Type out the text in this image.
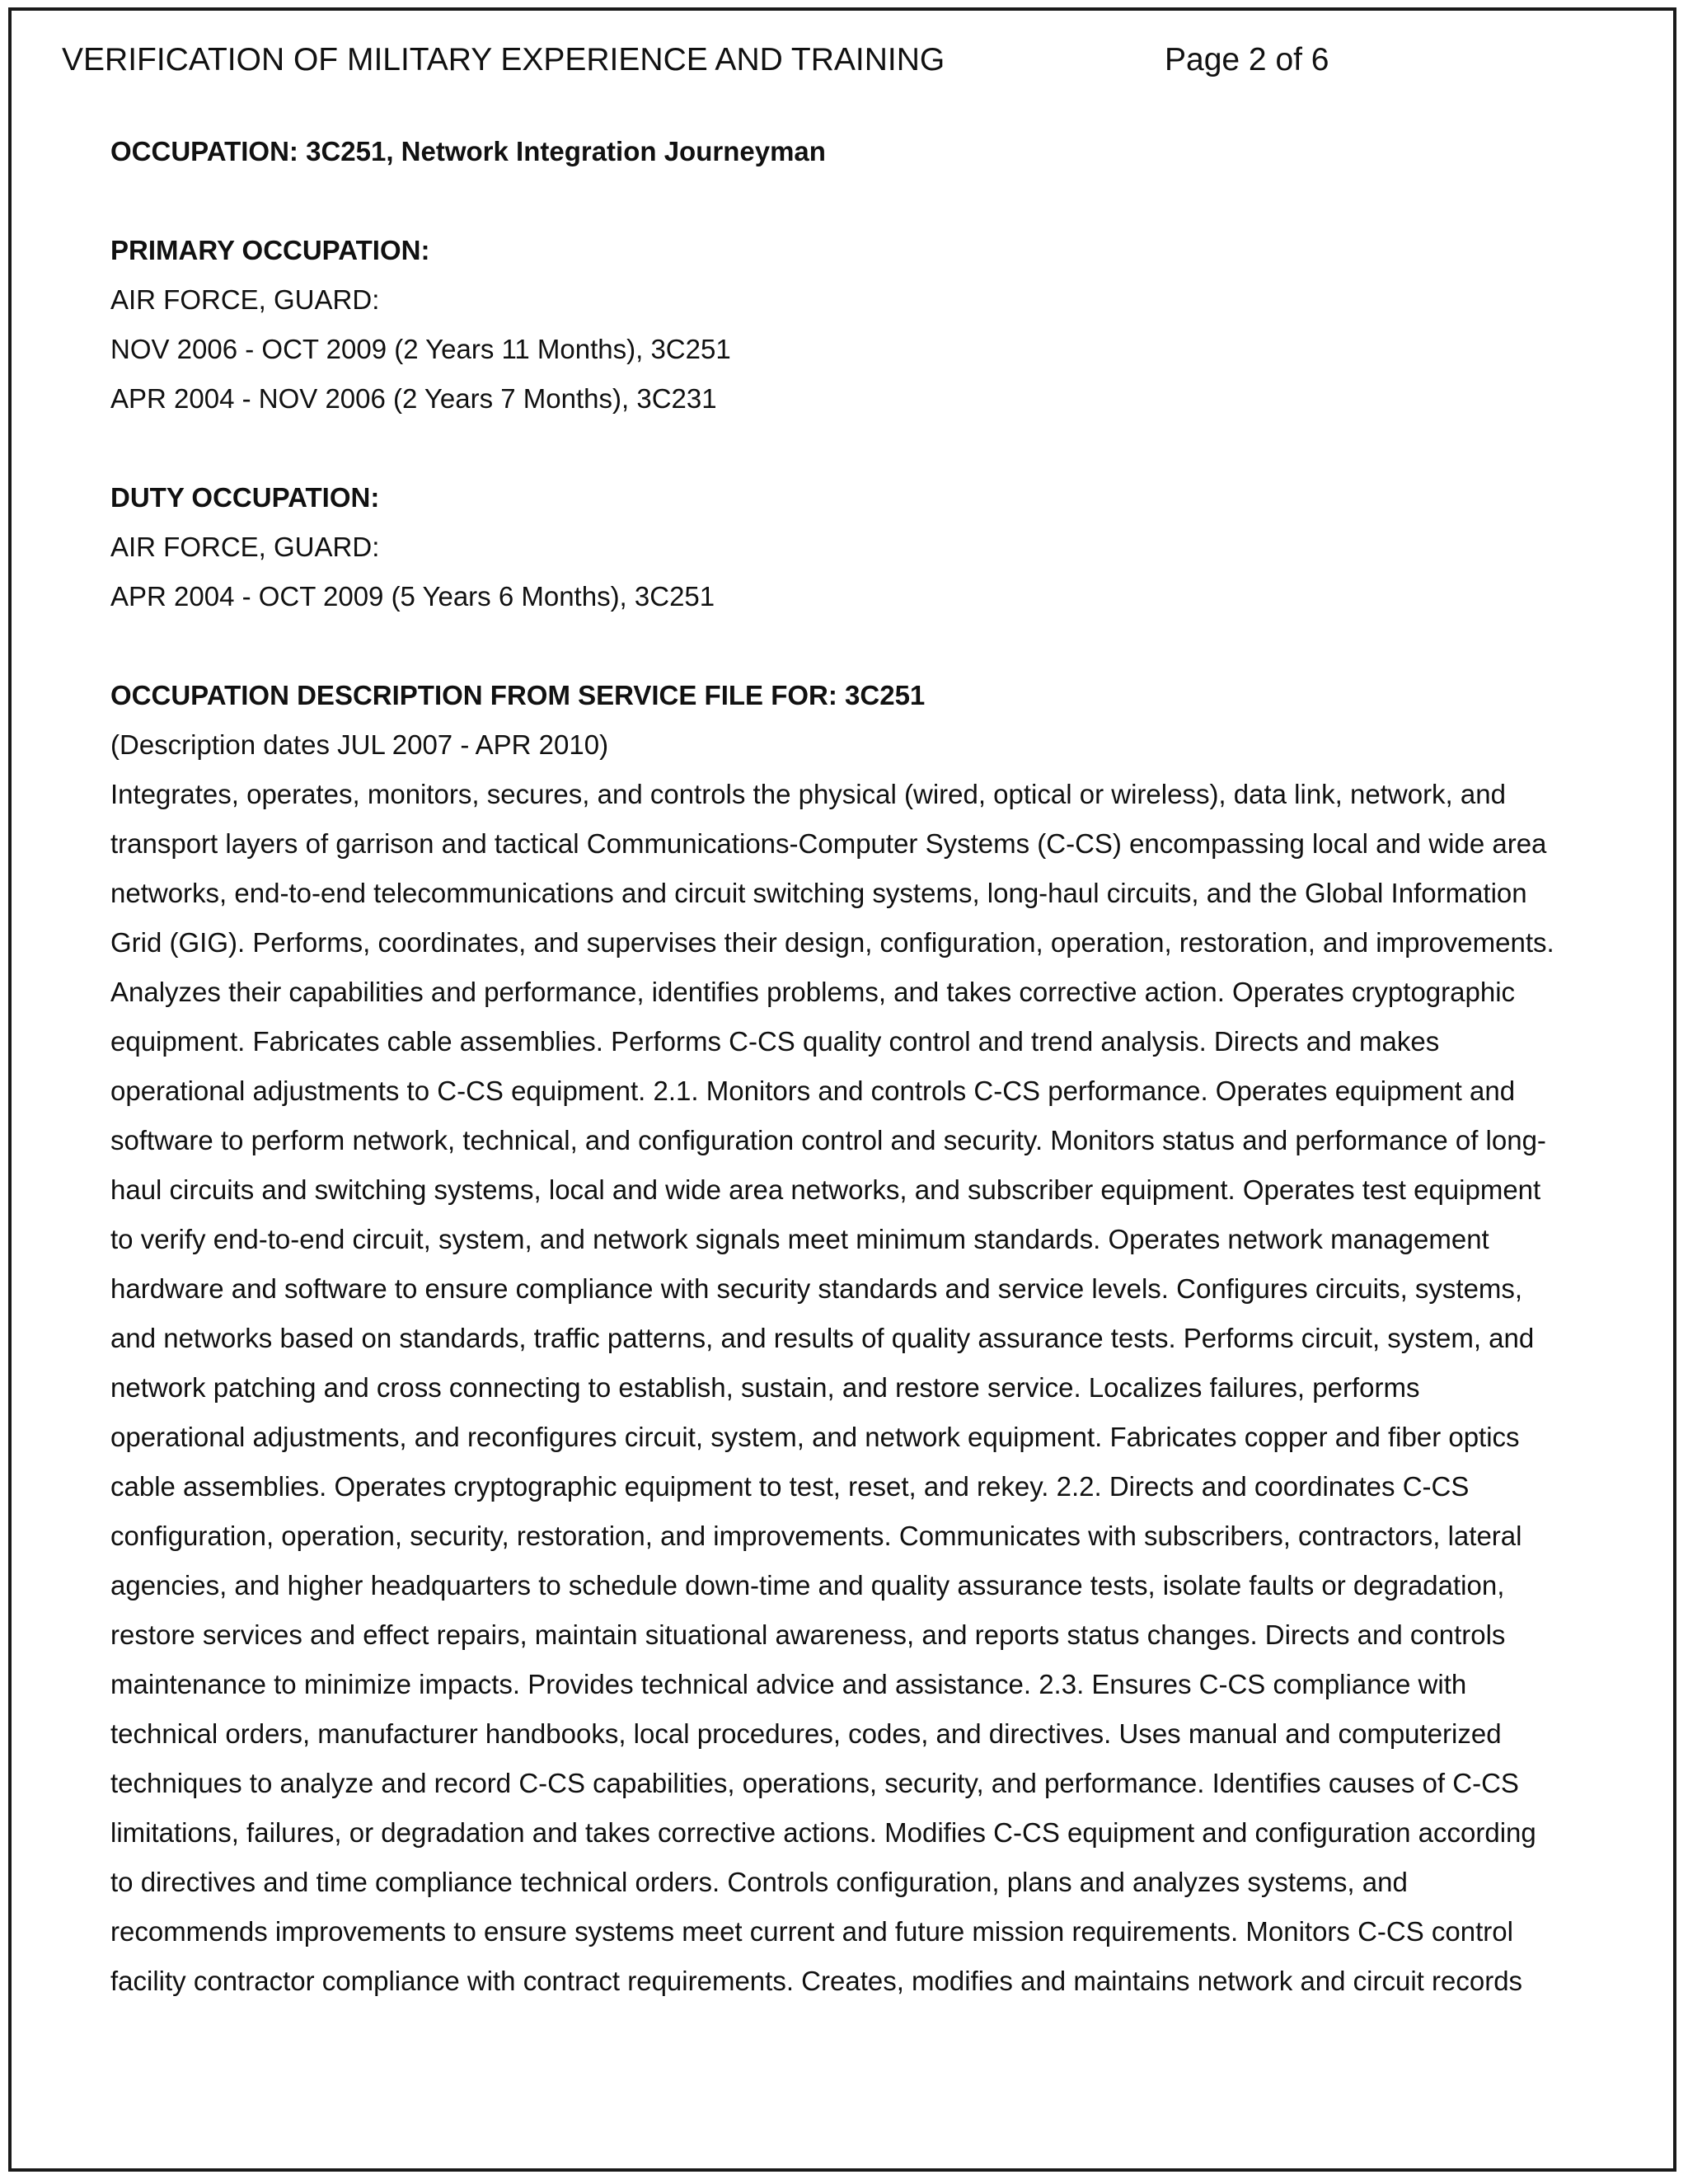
VERIFICATION OF MILITARY EXPERIENCE AND TRAINING	Page 2 of 6
OCCUPATION: 3C251, Network Integration Journeyman
PRIMARY OCCUPATION:
AIR FORCE, GUARD:
NOV 2006 - OCT 2009 (2 Years 11 Months), 3C251
APR 2004 - NOV 2006 (2 Years 7 Months), 3C231
DUTY OCCUPATION:
AIR FORCE, GUARD:
APR 2004 - OCT 2009 (5 Years 6 Months), 3C251
OCCUPATION DESCRIPTION FROM SERVICE FILE FOR: 3C251
(Description dates JUL 2007 - APR 2010)
Integrates, operates, monitors, secures, and controls the physical (wired, optical or wireless), data link, network, and
transport layers of garrison and tactical Communications-Computer Systems (C-CS) encompassing local and wide area
networks, end-to-end telecommunications and circuit switching systems, long-haul circuits, and the Global Information
Grid (GIG). Performs, coordinates, and supervises their design, configuration, operation, restoration, and improvements.
Analyzes their capabilities and performance, identifies problems, and takes corrective action. Operates cryptographic
equipment. Fabricates cable assemblies. Performs C-CS quality control and trend analysis. Directs and makes
operational adjustments to C-CS equipment. 2.1. Monitors and controls C-CS performance. Operates equipment and
software to perform network, technical, and configuration control and security. Monitors status and performance of long-
haul circuits and switching systems, local and wide area networks, and subscriber equipment. Operates test equipment
to verify end-to-end circuit, system, and network signals meet minimum standards. Operates network management
hardware and software to ensure compliance with security standards and service levels. Configures circuits, systems,
and networks based on standards, traffic patterns, and results of quality assurance tests. Performs circuit, system, and
network patching and cross connecting to establish, sustain, and restore service. Localizes failures, performs
operational adjustments, and reconfigures circuit, system, and network equipment. Fabricates copper and fiber optics
cable assemblies. Operates cryptographic equipment to test, reset, and rekey. 2.2. Directs and coordinates C-CS
configuration, operation, security, restoration, and improvements. Communicates with subscribers, contractors, lateral
agencies, and higher headquarters to schedule down-time and quality assurance tests, isolate faults or degradation,
restore services and effect repairs, maintain situational awareness, and reports status changes. Directs and controls
maintenance to minimize impacts. Provides technical advice and assistance. 2.3. Ensures C-CS compliance with
technical orders, manufacturer handbooks, local procedures, codes, and directives. Uses manual and computerized
techniques to analyze and record C-CS capabilities, operations, security, and performance. Identifies causes of C-CS
limitations, failures, or degradation and takes corrective actions. Modifies C-CS equipment and configuration according
to directives and time compliance technical orders. Controls configuration, plans and analyzes systems, and
recommends improvements to ensure systems meet current and future mission requirements. Monitors C-CS control
facility contractor compliance with contract requirements. Creates, modifies and maintains network and circuit records
